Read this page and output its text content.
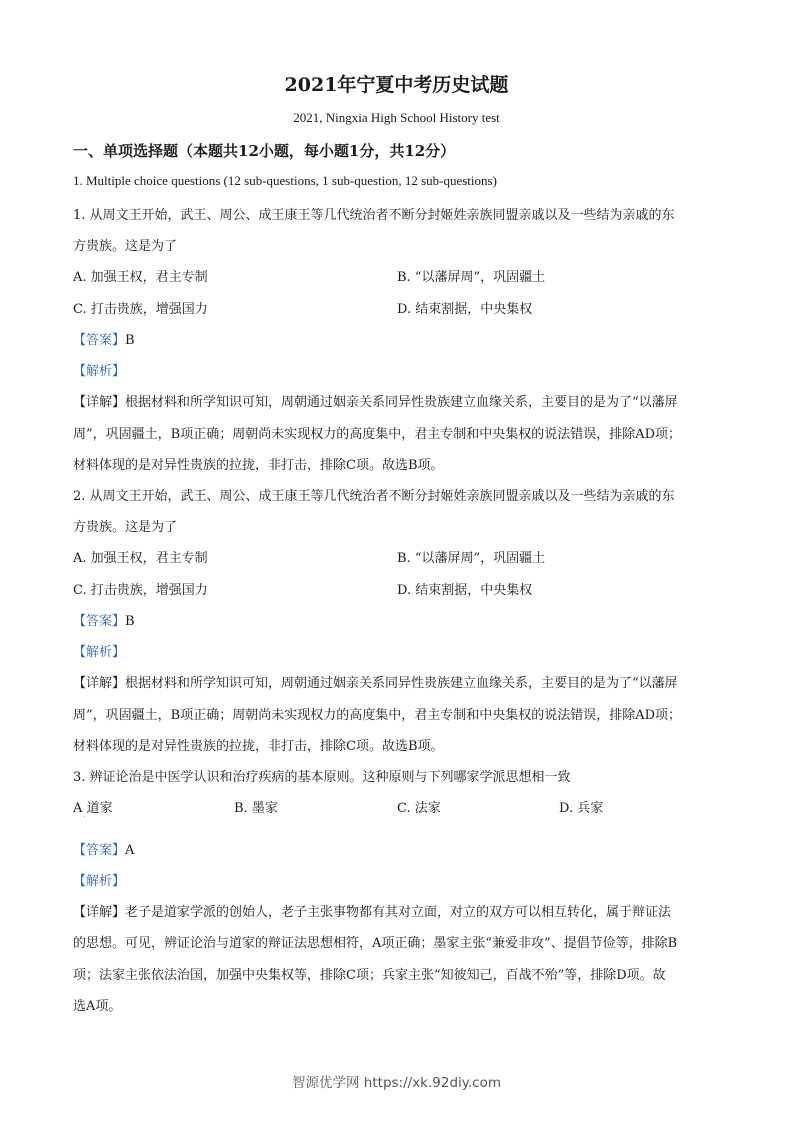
2021年宁夏中考历史试题
2021, Ningxia High School History test
一、单项选择题（本题共12小题，每小题1分，共12分）
1. Multiple choice questions (12 sub-questions, 1 sub-question, 12 sub-questions)
1. 从周文王开始，武王、周公、成王康王等几代统治者不断分封姬姓亲族同盟亲戚以及一些结为亲戚的东
方贵族。这是为了
A. 加强王权，君主专制	B. “以藩屏周”，巩固疆土
C. 打击贵族，增强国力	D. 结束割据，中央集权
【答案】B
【解析】
【详解】根据材料和所学知识可知，周朝通过姻亲关系同异性贵族建立血缘关系，主要目的是为了“以藩屏
周”，巩固疆土，B项正确；周朝尚未实现权力的高度集中，君主专制和中央集权的说法错误，排除AD项；
材料体现的是对异性贵族的拉拢，非打击，排除C项。故选B项。
2. 从周文王开始，武王、周公、成王康王等几代统治者不断分封姬姓亲族同盟亲戚以及一些结为亲戚的东
方贵族。这是为了
A. 加强王权，君主专制	B. “以藩屏周”，巩固疆土
C. 打击贵族，增强国力	D. 结束割据，中央集权
【答案】B
【解析】
【详解】根据材料和所学知识可知，周朝通过姻亲关系同异性贵族建立血缘关系，主要目的是为了“以藩屏
周”，巩固疆土，B项正确；周朝尚未实现权力的高度集中，君主专制和中央集权的说法错误，排除AD项；
材料体现的是对异性贵族的拉拢，非打击，排除C项。故选B项。
3. 辨证论治是中医学认识和治疗疾病的基本原则。这种原则与下列哪家学派思想相一致
A 道家	B. 墨家	C. 法家	D. 兵家
【答案】A
【解析】
【详解】老子是道家学派的创始人，老子主张事物都有其对立面，对立的双方可以相互转化，属于辩证法
的思想。可见，辨证论治与道家的辩证法思想相符，A项正确；墨家主张“兼爱非攻”、提倡节俭等，排除B
项；法家主张依法治国，加强中央集权等，排除C项；兵家主张“知彼知己，百战不殆”等，排除D项。故
选A项。
智源优学网 https://xk.92diy.com
